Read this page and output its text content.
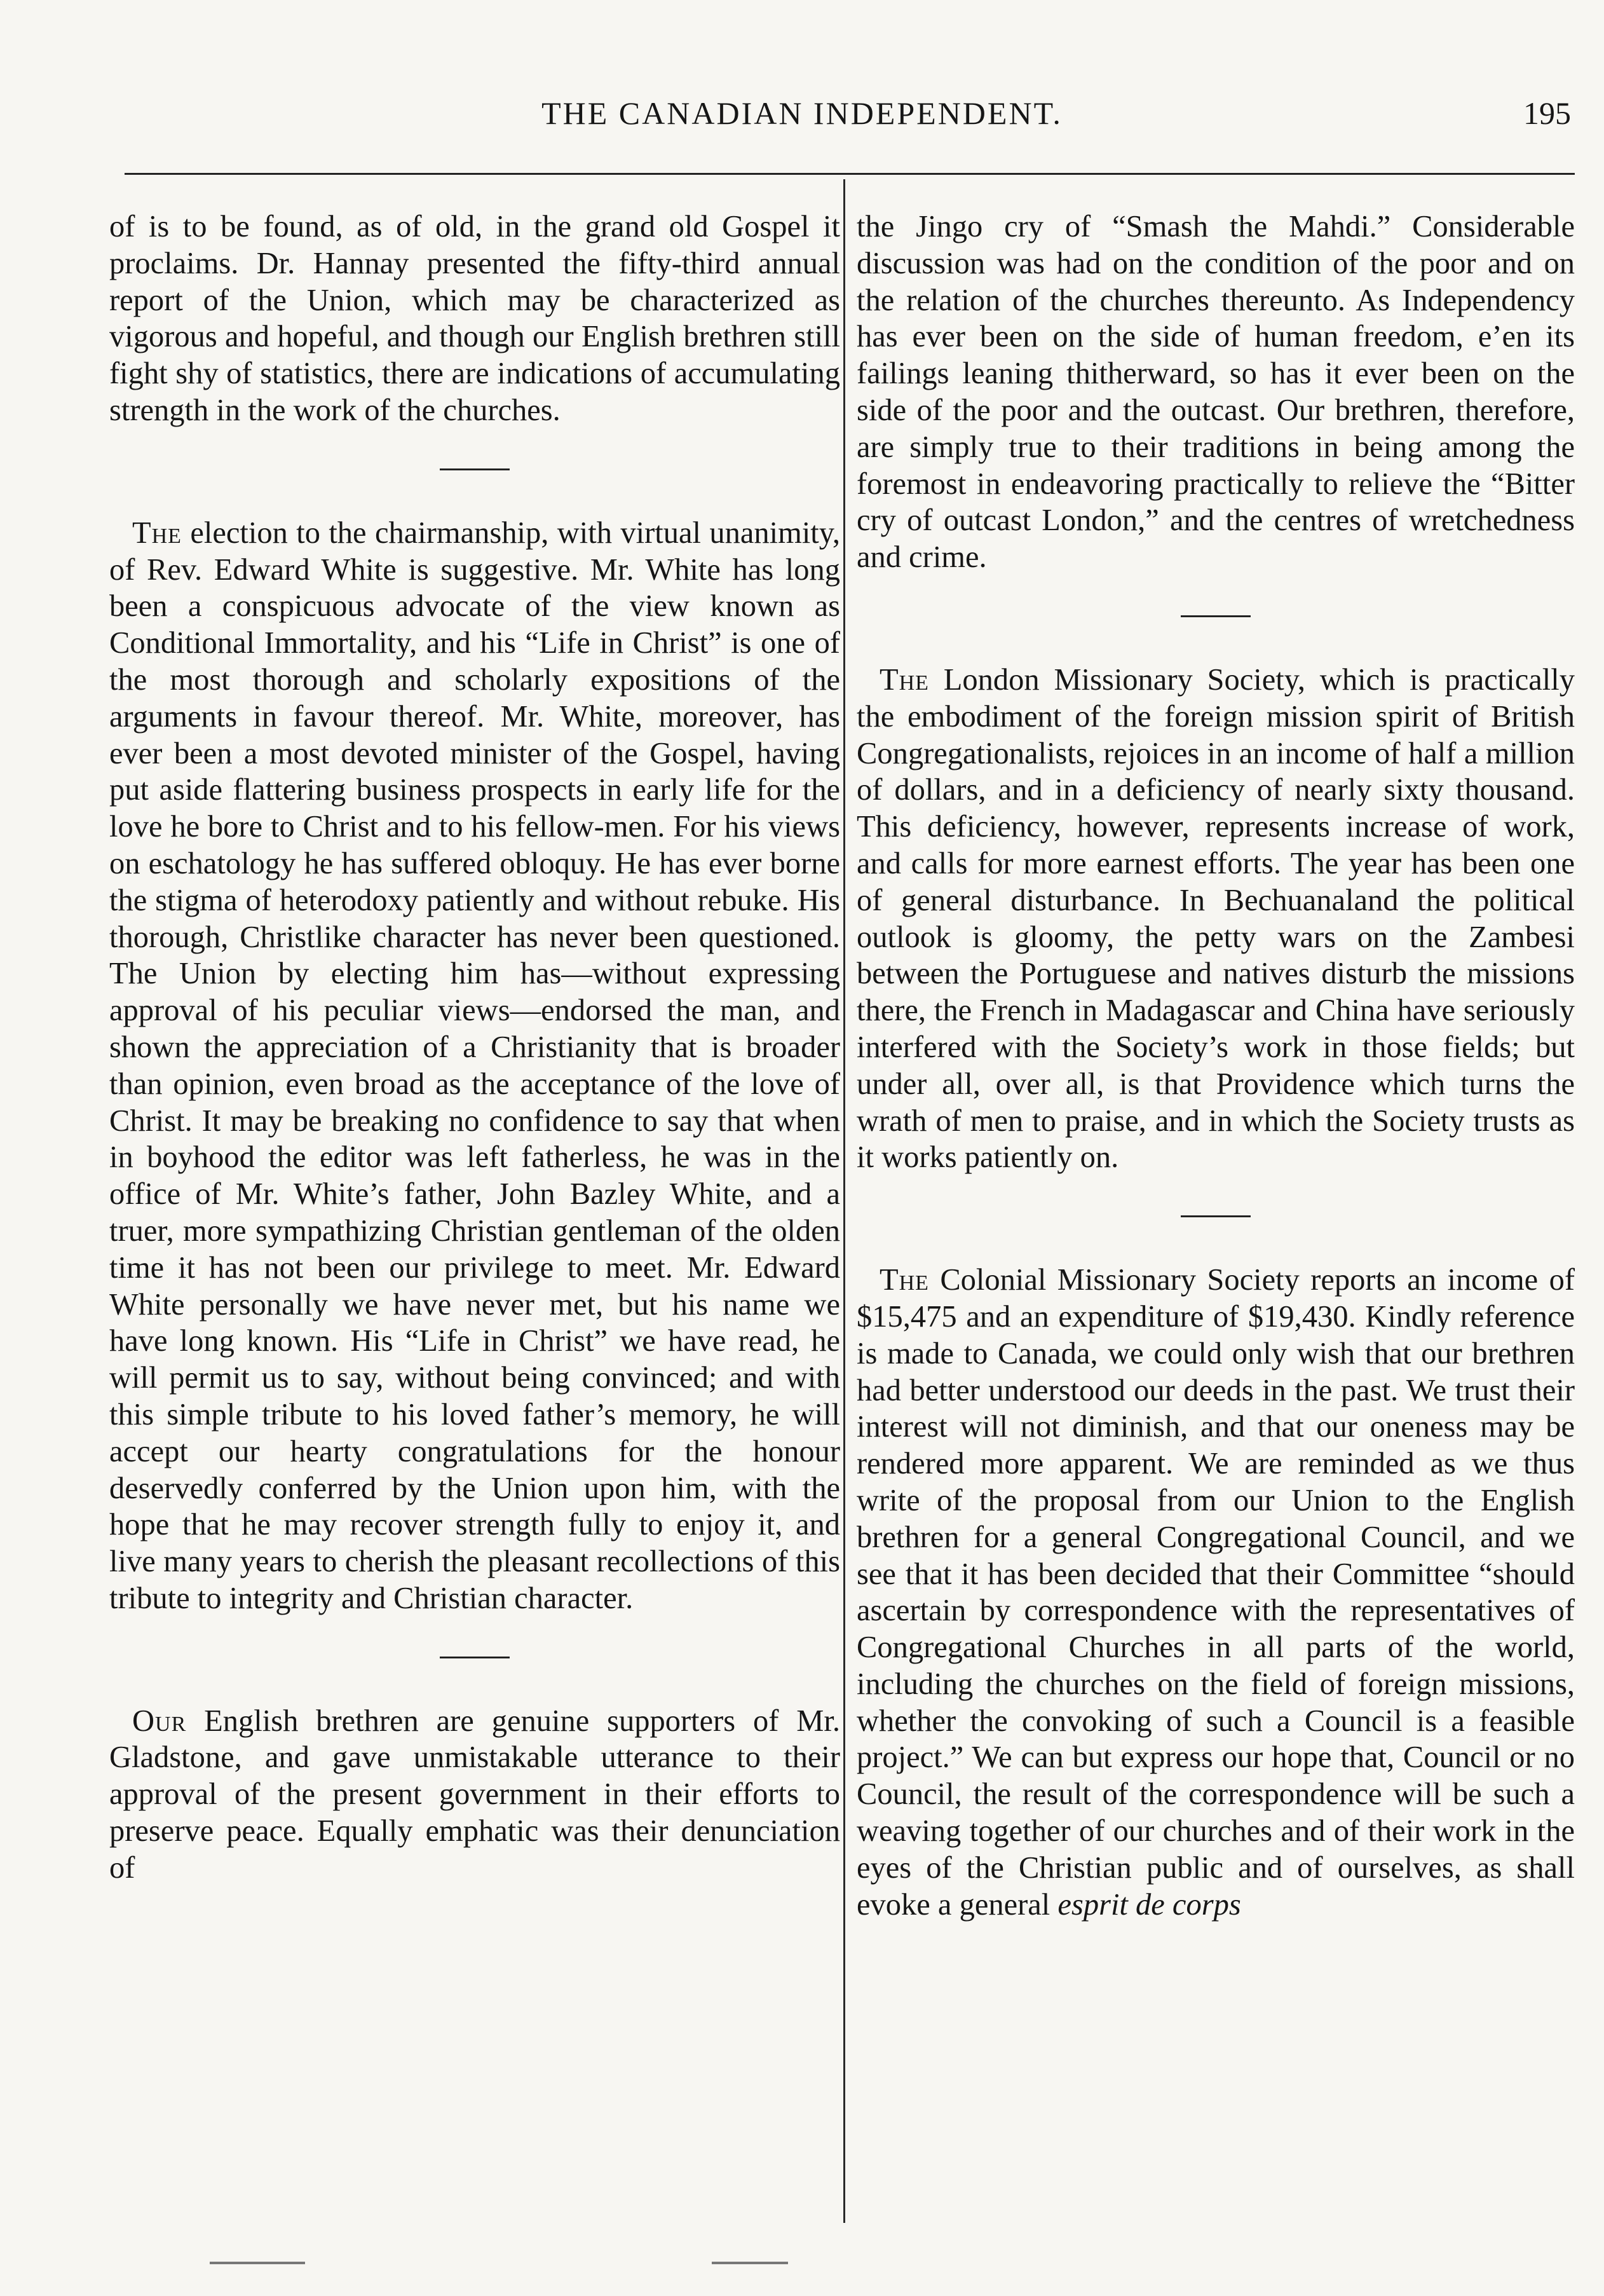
THE CANADIAN INDEPENDENT.	195

of is to be found, as of old, in the grand old Gospel it proclaims. Dr. Hannay presented the fifty-third annual report of the Union, which may be characterized as vigorous and hopeful, and though our English brethren still fight shy of statistics, there are indications of accumulating strength in the work of the churches.

The election to the chairmanship, with virtual unanimity, of Rev. Edward White is suggestive. Mr. White has long been a conspicuous advocate of the view known as Conditional Immortality, and his “Life in Christ” is one of the most thorough and scholarly expositions of the arguments in favour thereof. Mr. White, moreover, has ever been a most devoted minister of the Gospel, having put aside flattering business prospects in early life for the love he bore to Christ and to his fellow-men. For his views on eschatology he has suffered obloquy. He has ever borne the stigma of heterodoxy patiently and without rebuke. His thorough, Christlike character has never been questioned. The Union by electing him has—without expressing approval of his peculiar views—endorsed the man, and shown the appreciation of a Christianity that is broader than opinion, even broad as the acceptance of the love of Christ. It may be breaking no confidence to say that when in boyhood the editor was left fatherless, he was in the office of Mr. White’s father, John Bazley White, and a truer, more sympathizing Christian gentleman of the olden time it has not been our privilege to meet. Mr. Edward White personally we have never met, but his name we have long known. His “Life in Christ” we have read, he will permit us to say, without being convinced; and with this simple tribute to his loved father’s memory, he will accept our hearty congratulations for the honour deservedly conferred by the Union upon him, with the hope that he may recover strength fully to enjoy it, and live many years to cherish the pleasant recollections of this tribute to integrity and Christian character.

Our English brethren are genuine supporters of Mr. Gladstone, and gave unmistakable utterance to their approval of the present government in their efforts to preserve peace. Equally emphatic was their denunciation of

the Jingo cry of “Smash the Mahdi.” Considerable discussion was had on the condition of the poor and on the relation of the churches thereunto. As Independency has ever been on the side of human freedom, e’en its failings leaning thitherward, so has it ever been on the side of the poor and the outcast. Our brethren, therefore, are simply true to their traditions in being among the foremost in endeavoring practically to relieve the “Bitter cry of outcast London,” and the centres of wretchedness and crime.

The London Missionary Society, which is practically the embodiment of the foreign mission spirit of British Congregationalists, rejoices in an income of half a million of dollars, and in a deficiency of nearly sixty thousand. This deficiency, however, represents increase of work, and calls for more earnest efforts. The year has been one of general disturbance. In Bechuanaland the political outlook is gloomy, the petty wars on the Zambesi between the Portuguese and natives disturb the missions there, the French in Madagascar and China have seriously interfered with the Society’s work in those fields; but under all, over all, is that Providence which turns the wrath of men to praise, and in which the Society trusts as it works patiently on.

The Colonial Missionary Society reports an income of $15,475 and an expenditure of $19,430. Kindly reference is made to Canada, we could only wish that our brethren had better understood our deeds in the past. We trust their interest will not diminish, and that our oneness may be rendered more apparent. We are reminded as we thus write of the proposal from our Union to the English brethren for a general Congregational Council, and we see that it has been decided that their Committee “should ascertain by correspondence with the representatives of Congregational Churches in all parts of the world, including the churches on the field of foreign missions, whether the convoking of such a Council is a feasible project.” We can but express our hope that, Council or no Council, the result of the correspondence will be such a weaving together of our churches and of their work in the eyes of the Christian public and of ourselves, as shall evoke a general esprit de corps
